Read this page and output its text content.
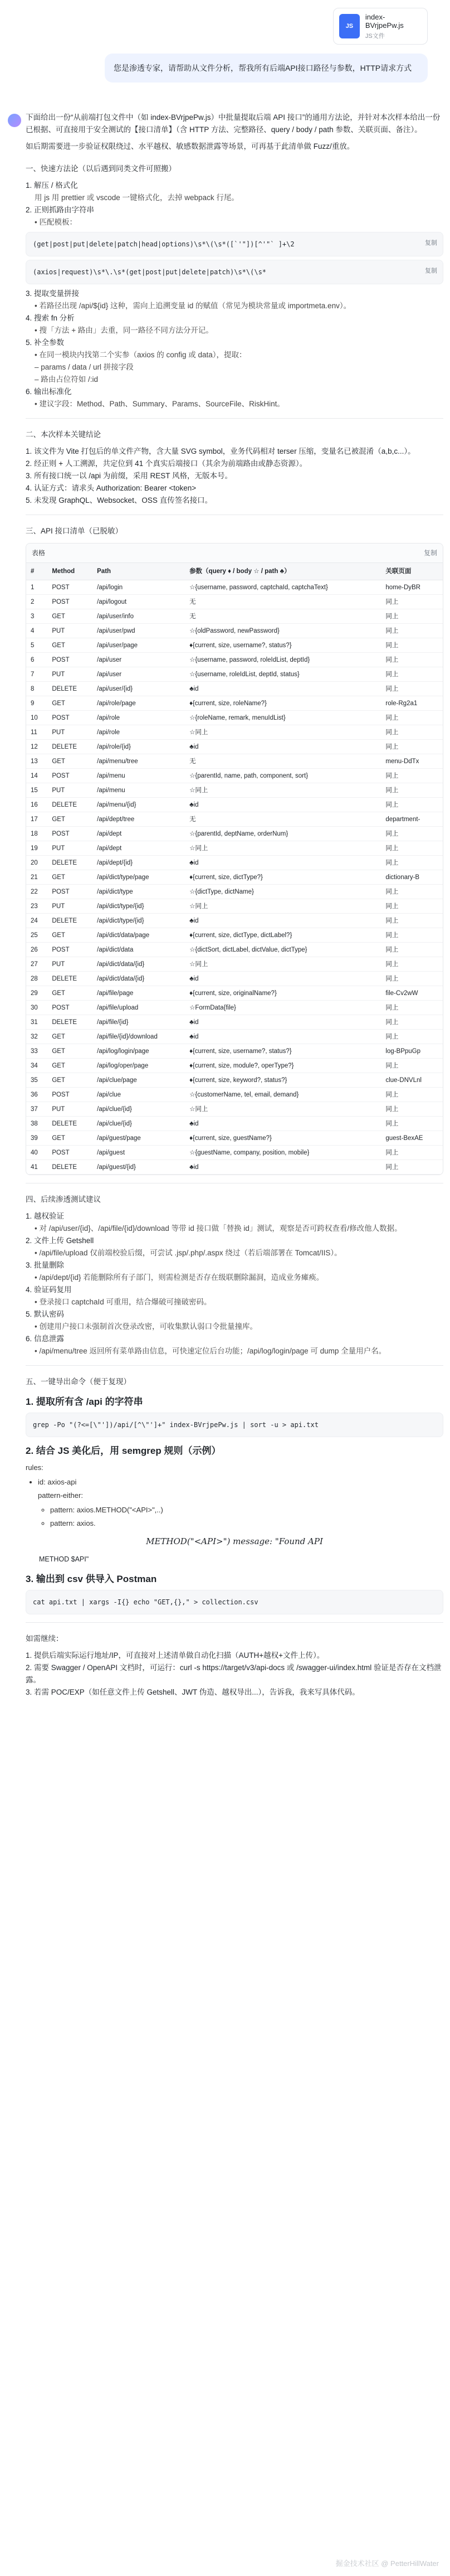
JS
index-BVrjpePw.js
JS文件
您是渗透专家，请帮助从文件分析，帮我所有后端API接口路径与参数，HTTP请求方式

下面给出一份“从前端打包文件中（如 index-BVrjpePw.js）中批量提取后端 API 接口”的通用方法论，并针对本次样本给出一份已根据、可直接用于安全测试的【接口清单】（含 HTTP 方法、完整路径、query / body / path 参数、关联页面、备注）。

如后期需要进一步验证权限绕过、水平越权、敏感数据泄露等场景，可再基于此清单做 Fuzz/重放。

一、快速方法论（以后遇到同类文件可照搬）
1. 解压 / 格式化
用 js 用 prettier 或 vscode 一键格式化，去掉 webpack 行尾。
2. 正则抓路由字符串
• 匹配模板：
复制
(get|post|put|delete|patch|head|options)\s*\(\s*([`'"])[^'"` ]+\2
复制
(axios|request)\s*\.\s*(get|post|put|delete|patch)\s*\(\s*
3. 提取变量拼接
• 若路径出现 /api/${id} 这种，需向上追溯变量 id 的赋值（常见为模块常量或 importmeta.env）。
4. 搜索 fn 分析
• 搜「方法 + 路由」去重，同一路径不同方法分开记。
5. 补全参数
• 在同一模块内找第二个实参（axios 的 config 或 data），提取：
– params / data / url 拼接字段
– 路由占位符如 /:id
6. 输出标准化
• 建议字段：Method、Path、Summary、Params、SourceFile、RiskHint。
二、本次样本关键结论
1. 该文件为 Vite 打包后的单文件产物，含大量 SVG symbol，业务代码相对 terser 压缩，变量名已被混淆（a,b,c...）。
2. 经正则 + 人工溯源，共定位到 41 个真实后端接口（其余为前端路由或静态资源）。
3. 所有接口统一以 /api 为前缀，采用 REST 风格，无版本号。
4. 认证方式：请求头 Authorization: Bearer <token>
5. 未发现 GraphQL、Websocket、OSS 直传签名接口。
三、API 接口清单（已脱敏）
表格	复制
#	Method	Path	参数（query ♦ / body ☆ / path ♣）	关联页面
1	POST	/api/login	☆{username, password, captchaId, captchaText}	home-DyBR
2	POST	/api/logout	无	同上
3	GET	/api/user/info	无	同上
4	PUT	/api/user/pwd	☆{oldPassword, newPassword}	同上
5	GET	/api/user/page	♦{current, size, username?, status?}	同上
6	POST	/api/user	☆{username, password, roleIdList, deptId}	同上
7	PUT	/api/user	☆{username, roleIdList, deptId, status}	同上
8	DELETE	/api/user/{id}	♣id	同上
9	GET	/api/role/page	♦{current, size, roleName?}	role-Rg2a1
10	POST	/api/role	☆{roleName, remark, menuIdList}	同上
11	PUT	/api/role	☆同上	同上
12	DELETE	/api/role/{id}	♣id	同上
13	GET	/api/menu/tree	无	menu-DdTx
14	POST	/api/menu	☆{parentId, name, path, component, sort}	同上
15	PUT	/api/menu	☆同上	同上
16	DELETE	/api/menu/{id}	♣id	同上
17	GET	/api/dept/tree	无	department-
18	POST	/api/dept	☆{parentId, deptName, orderNum}	同上
19	PUT	/api/dept	☆同上	同上
20	DELETE	/api/dept/{id}	♣id	同上
21	GET	/api/dict/type/page	♦{current, size, dictType?}	dictionary-B
22	POST	/api/dict/type	☆{dictType, dictName}	同上
23	PUT	/api/dict/type/{id}	☆同上	同上
24	DELETE	/api/dict/type/{id}	♣id	同上
25	GET	/api/dict/data/page	♦{current, size, dictType, dictLabel?}	同上
26	POST	/api/dict/data	☆{dictSort, dictLabel, dictValue, dictType}	同上
27	PUT	/api/dict/data/{id}	☆同上	同上
28	DELETE	/api/dict/data/{id}	♣id	同上
29	GET	/api/file/page	♦{current, size, originalName?}	file-Cv2wW
30	POST	/api/file/upload	☆FormData{file}	同上
31	DELETE	/api/file/{id}	♣id	同上
32	GET	/api/file/{id}/download	♣id	同上
33	GET	/api/log/login/page	♦{current, size, username?, status?}	log-BPpuGp
34	GET	/api/log/oper/page	♦{current, size, module?, operType?}	同上
35	GET	/api/clue/page	♦{current, size, keyword?, status?}	clue-DNVLnl
36	POST	/api/clue	☆{customerName, tel, email, demand}	同上
37	PUT	/api/clue/{id}	☆同上	同上
38	DELETE	/api/clue/{id}	♣id	同上
39	GET	/api/guest/page	♦{current, size, guestName?}	guest-BexAE
40	POST	/api/guest	☆{guestName, company, position, mobile}	同上
41	DELETE	/api/guest/{id}	♣id	同上
四、后续渗透测试建议
1. 越权验证
• 对 /api/user/{id}、/api/file/{id}/download 等带 id 接口做「替换 id」测试，观察是否可跨权查看/修改他人数据。
2. 文件上传 Getshell
• /api/file/upload 仅前端校验后缀，可尝试 .jsp/.php/.aspx 绕过（若后端部署在 Tomcat/IIS）。
3. 批量删除
• /api/dept/{id} 若能删除所有子部门，则需检测是否存在级联删除漏洞，造成业务瘫痪。
4. 验证码复用
• 登录接口 captchaId 可重用，结合爆破可撞破密码。
5. 默认密码
• 创建用户接口未强制首次登录改密，可收集默认弱口令批量撞库。
6. 信息泄露
• /api/menu/tree 返回所有菜单路由信息，可快速定位后台功能；/api/log/login/page 可 dump 全量用户名。
五、一键导出命令（便于复现）
1. 提取所有含 /api 的字符串
grep -Po "(?<=[\"'])/api/[^\"']+" index-BVrjpePw.js | sort -u > api.txt
2. 结合 JS 美化后，用 semgrep 规则（示例）
rules:
• id: axios-api
pattern-either:
◦ pattern: axios.METHOD("<API>",..)
◦ pattern: axios.
METHOD("<API>") message: "Found API
METHOD $API"
3. 输出到 csv 供导入 Postman
cat api.txt | xargs -I{} echo "GET,{}," > collection.csv
如需继续：
1. 提供后端实际运行地址/IP，可直接对上述清单做自动化扫描（AUTH+越权+文件上传）。
2. 需要 Swagger / OpenAPI 文档时，可运行：curl -s https://target/v3/api-docs 或 /swagger-ui/index.html 验证是否存在文档泄露。
3. 若需 POC/EXP（如任意文件上传 Getshell、JWT 伪造、越权导出...），告诉我，我来写具体代码。
掘金技术社区 @ PetterHillWater
